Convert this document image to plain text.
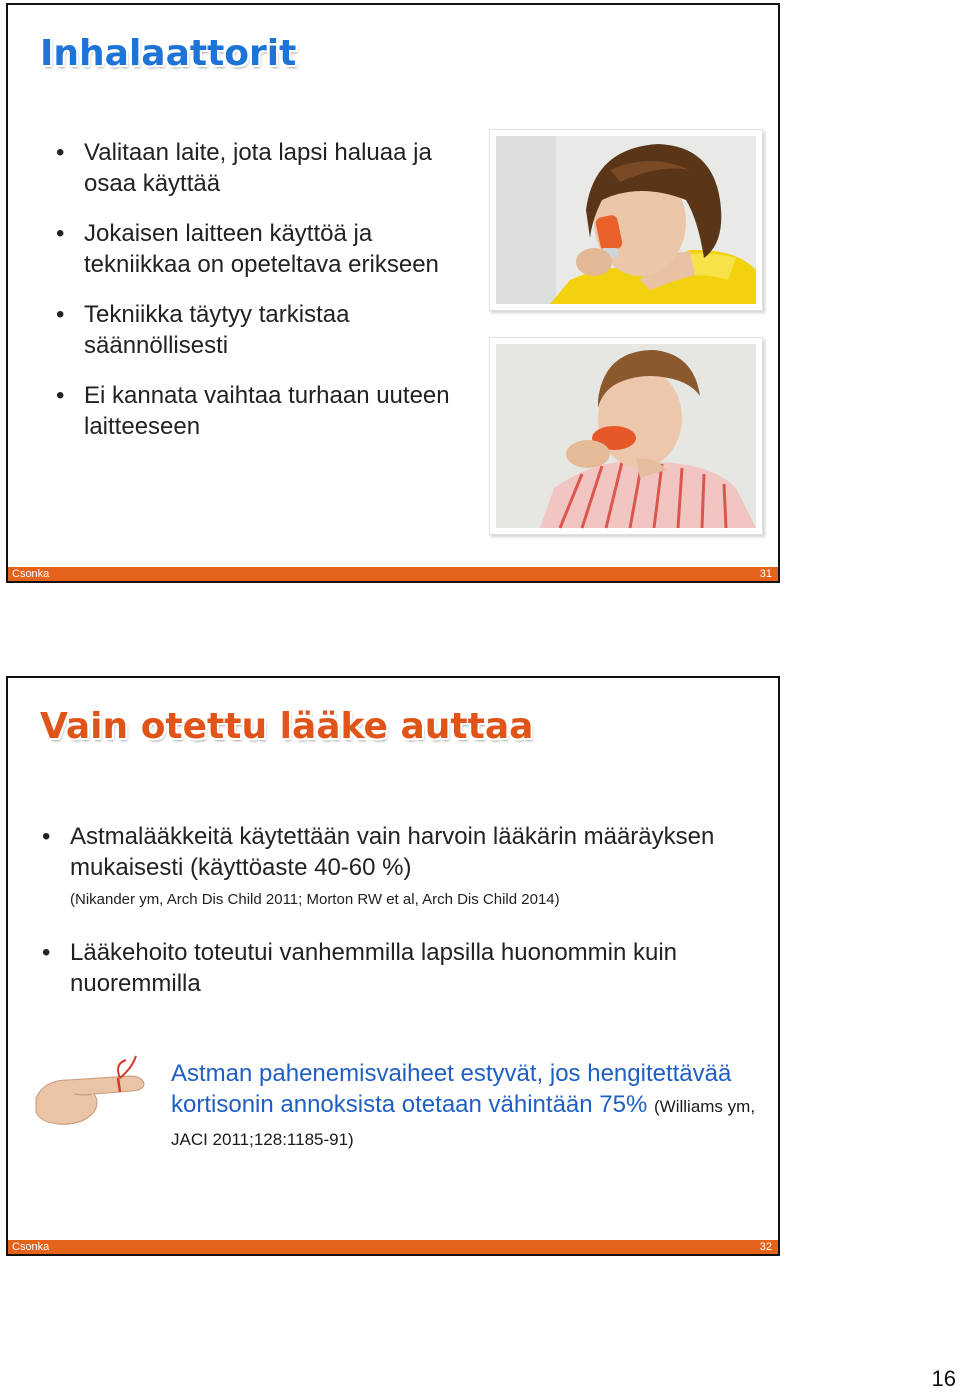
Inhalaattorit
• Valitaan laite, jota lapsi haluaa ja osaa käyttää
• Jokaisen laitteen käyttöä ja tekniikkaa on opeteltava erikseen
• Tekniikka täytyy tarkistaa säännöllisesti
• Ei kannata vaihtaa turhaan uuteen laitteeseen
Csonka	31
Vain otettu lääke auttaa
• Astmalääkkeitä käytettään vain harvoin lääkärin määräyksen mukaisesti (käyttöaste 40-60 %)
(Nikander ym, Arch Dis Child 2011; Morton RW et al, Arch Dis Child 2014)
• Lääkehoito toteutui vanhemmilla lapsilla huonommin kuin nuoremmilla
Astman pahenemisvaiheet estyvät, jos hengitettävää kortisonin annoksista otetaan vähintään 75% (Williams ym, JACI 2011;128:1185-91)
Csonka	32
16
